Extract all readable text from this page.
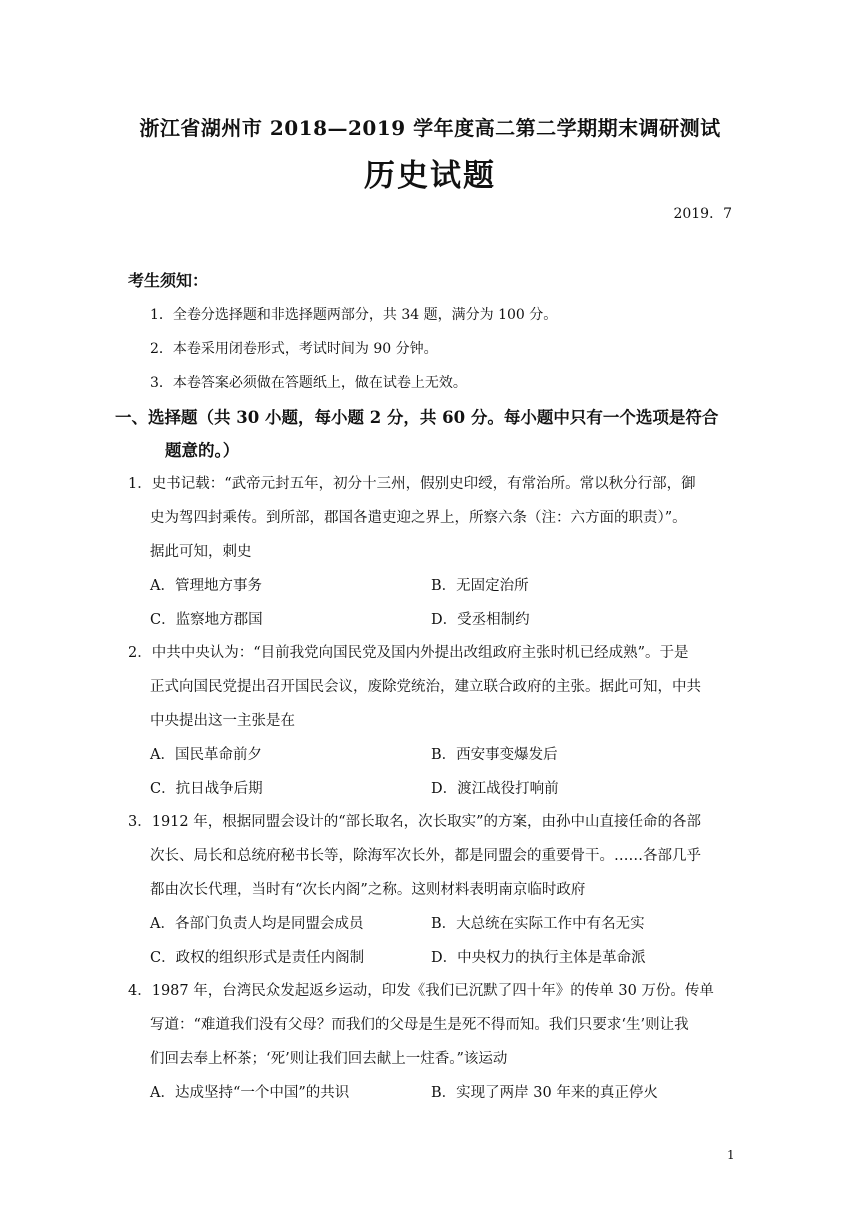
浙江省湖州市 2018—2019 学年度高二第二学期期末调研测试
历史试题
2019．7
考生须知：
1．全卷分选择题和非选择题两部分，共 34 题，满分为 100 分。
2．本卷采用闭卷形式，考试时间为 90 分钟。
3．本卷答案必须做在答题纸上，做在试卷上无效。
一、选择题（共 30 小题，每小题 2 分，共 60 分。每小题中只有一个选项是符合
题意的。）
1．史书记载：“武帝元封五年，初分十三州，假别史印绶，有常治所。常以秋分行部，御
史为驾四封乘传。到所部，郡国各遣吏迎之界上，所察六条（注：六方面的职责）”。
据此可知，刺史
A．管理地方事务	B．无固定治所
C．监察地方郡国	D．受丞相制约
2．中共中央认为：“目前我党向国民党及国内外提出改组政府主张时机已经成熟”。于是
正式向国民党提出召开国民会议，废除党统治，建立联合政府的主张。据此可知，中共
中央提出这一主张是在
A．国民革命前夕	B．西安事变爆发后
C．抗日战争后期	D．渡江战役打响前
3．1912 年，根据同盟会设计的“部长取名，次长取实”的方案，由孙中山直接任命的各部
次长、局长和总统府秘书长等，除海军次长外，都是同盟会的重要骨干。……各部几乎
都由次长代理，当时有“次长内阁”之称。这则材料表明南京临时政府
A．各部门负责人均是同盟会成员	B．大总统在实际工作中有名无实
C．政权的组织形式是责任内阁制	D．中央权力的执行主体是革命派
4．1987 年，台湾民众发起返乡运动，印发《我们已沉默了四十年》的传单 30 万份。传单
写道：“难道我们没有父母？而我们的父母是生是死不得而知。我们只要求‘生’则让我
们回去奉上杯茶；‘死’则让我们回去献上一炷香。”该运动
A．达成坚持“一个中国”的共识	B．实现了两岸 30 年来的真正停火
1
